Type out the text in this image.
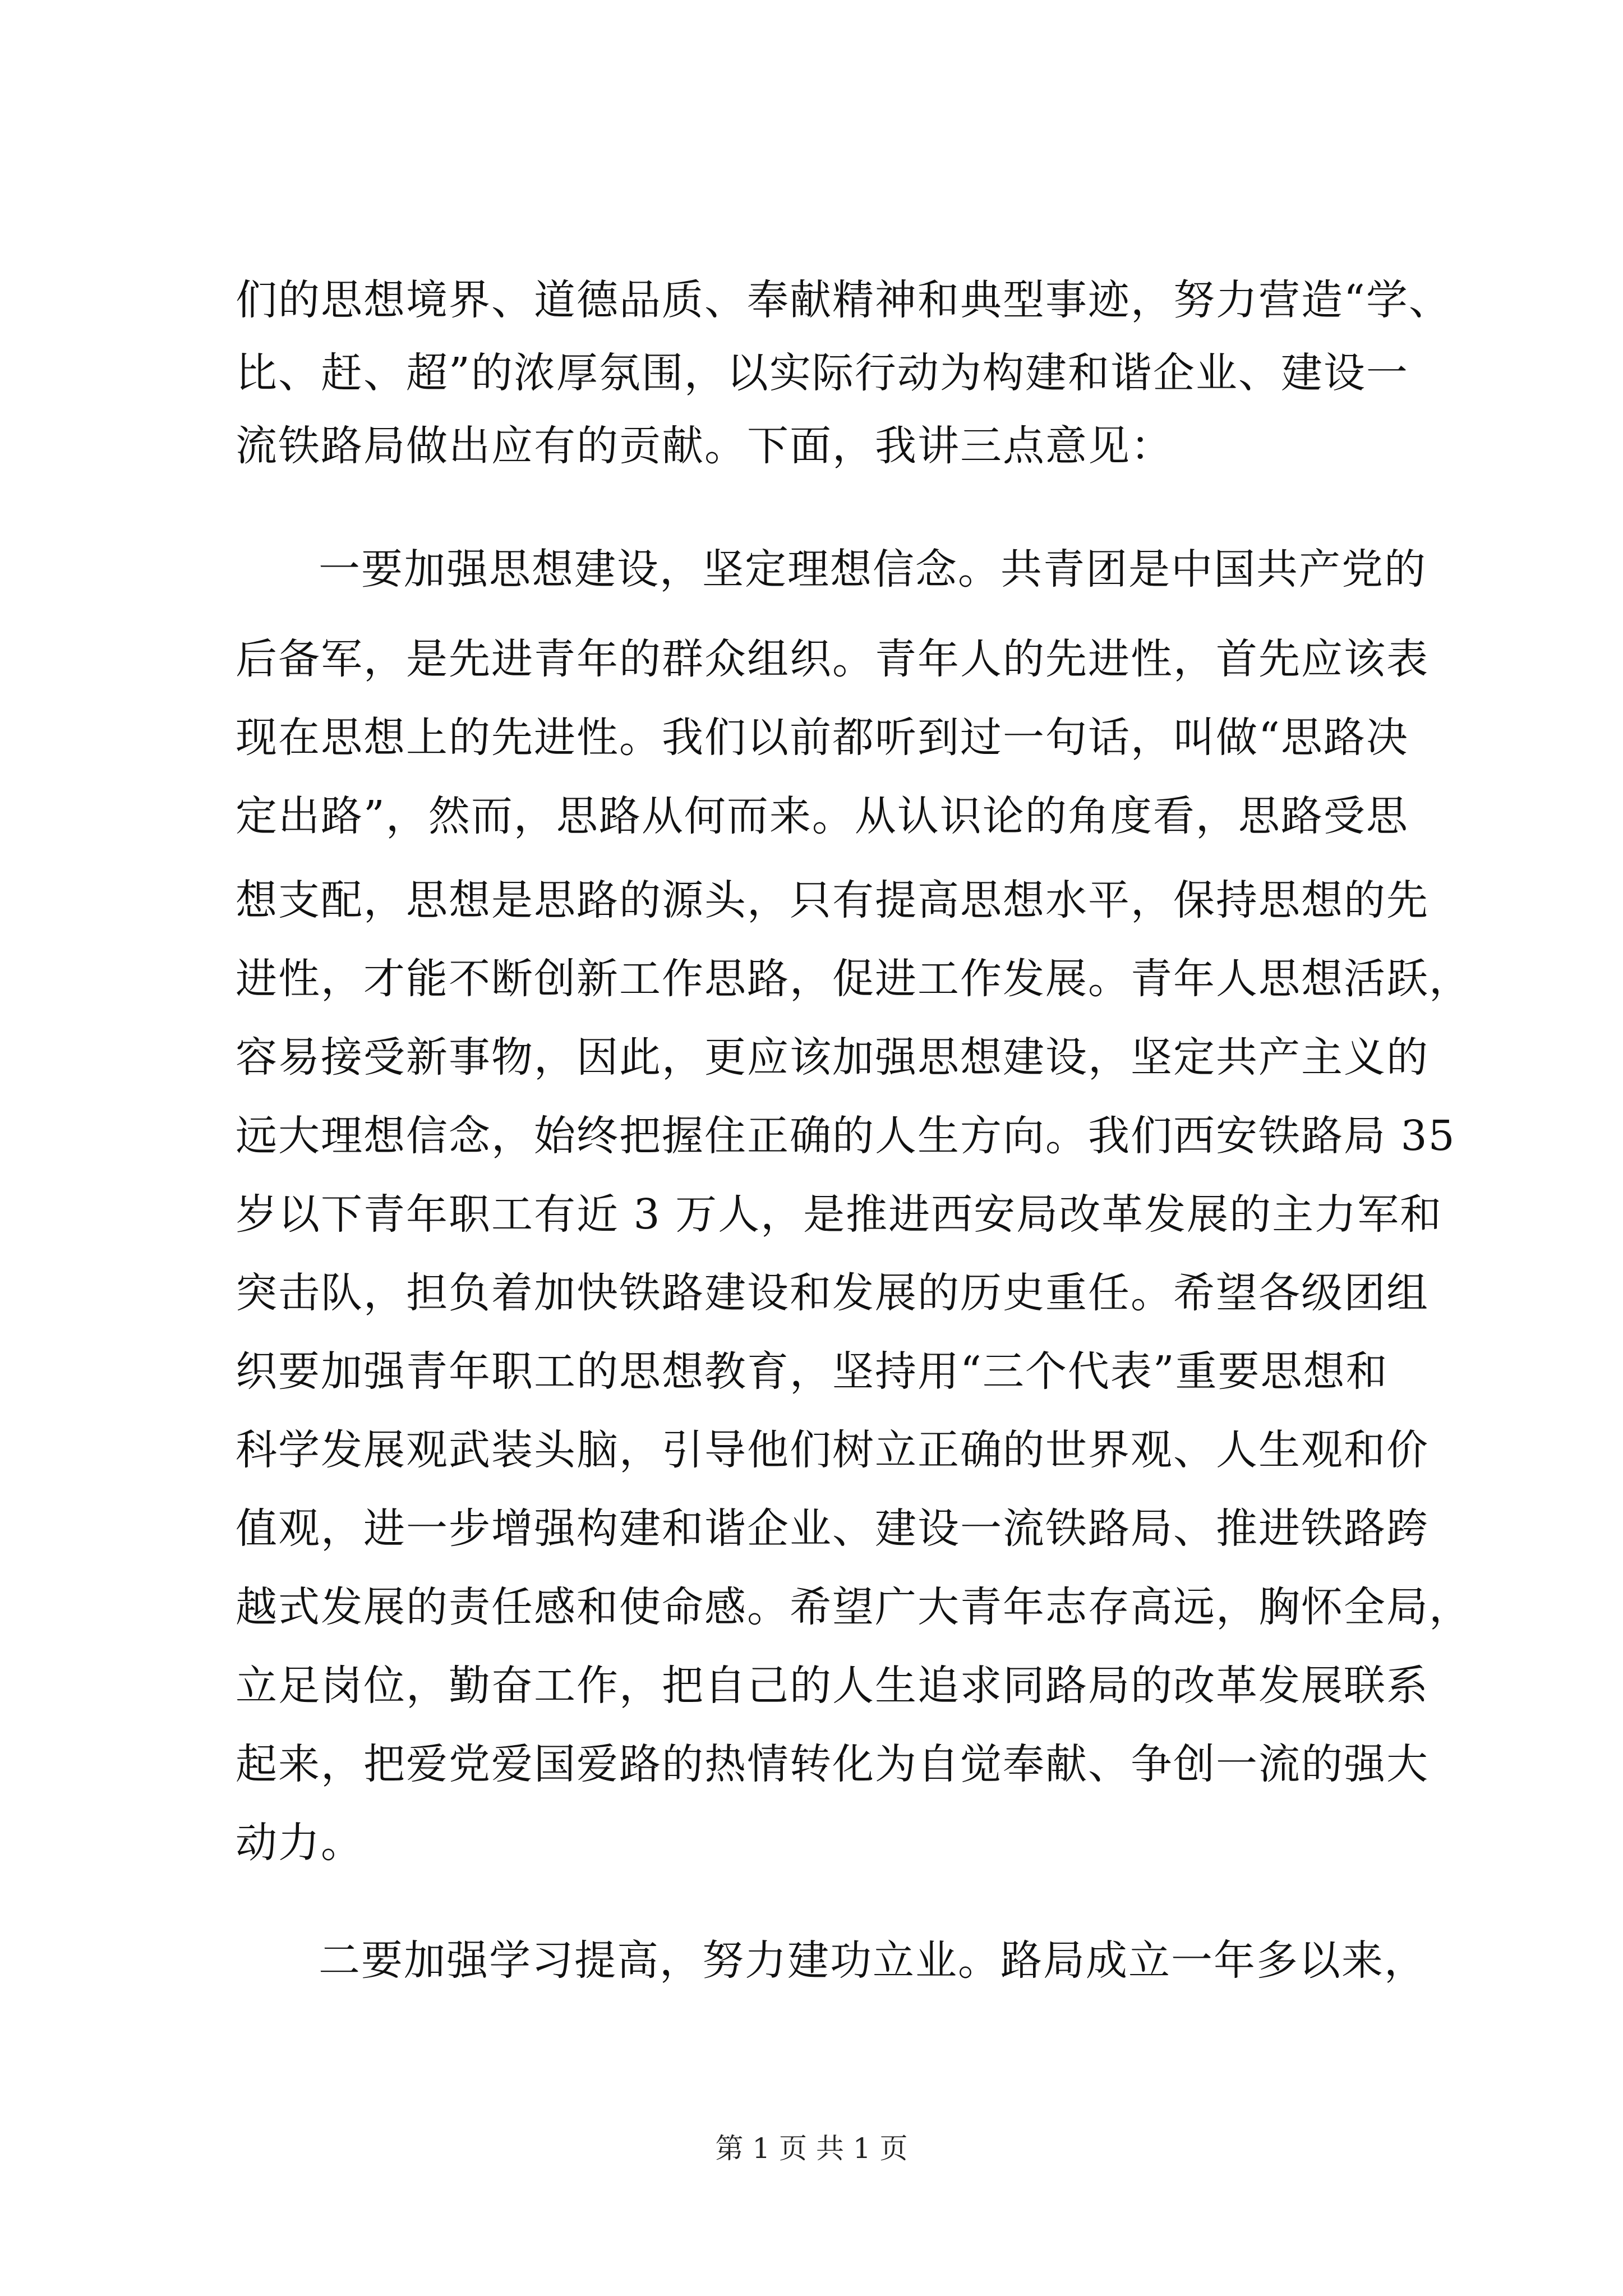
们的思想境界、道德品质、奉献精神和典型事迹，努力营造“学、
比、赶、超”的浓厚氛围，以实际行动为构建和谐企业、建设一
流铁路局做出应有的贡献。下面，我讲三点意见：
一要加强思想建设，坚定理想信念。共青团是中国共产党的
后备军，是先进青年的群众组织。青年人的先进性，首先应该表
现在思想上的先进性。我们以前都听到过一句话，叫做“思路决
定出路”，然而，思路从何而来。从认识论的角度看，思路受思
想支配，思想是思路的源头，只有提高思想水平，保持思想的先
进性，才能不断创新工作思路，促进工作发展。青年人思想活跃，
容易接受新事物，因此，更应该加强思想建设，坚定共产主义的
远大理想信念，始终把握住正确的人生方向。我们西安铁路局 35
岁以下青年职工有近 3 万人，是推进西安局改革发展的主力军和
突击队，担负着加快铁路建设和发展的历史重任。希望各级团组
织要加强青年职工的思想教育，坚持用“三个代表”重要思想和
科学发展观武装头脑，引导他们树立正确的世界观、人生观和价
值观，进一步增强构建和谐企业、建设一流铁路局、推进铁路跨
越式发展的责任感和使命感。希望广大青年志存高远，胸怀全局，
立足岗位，勤奋工作，把自己的人生追求同路局的改革发展联系
起来，把爱党爱国爱路的热情转化为自觉奉献、争创一流的强大
动力。
二要加强学习提高，努力建功立业。路局成立一年多以来，
第 1 页 共 1 页
